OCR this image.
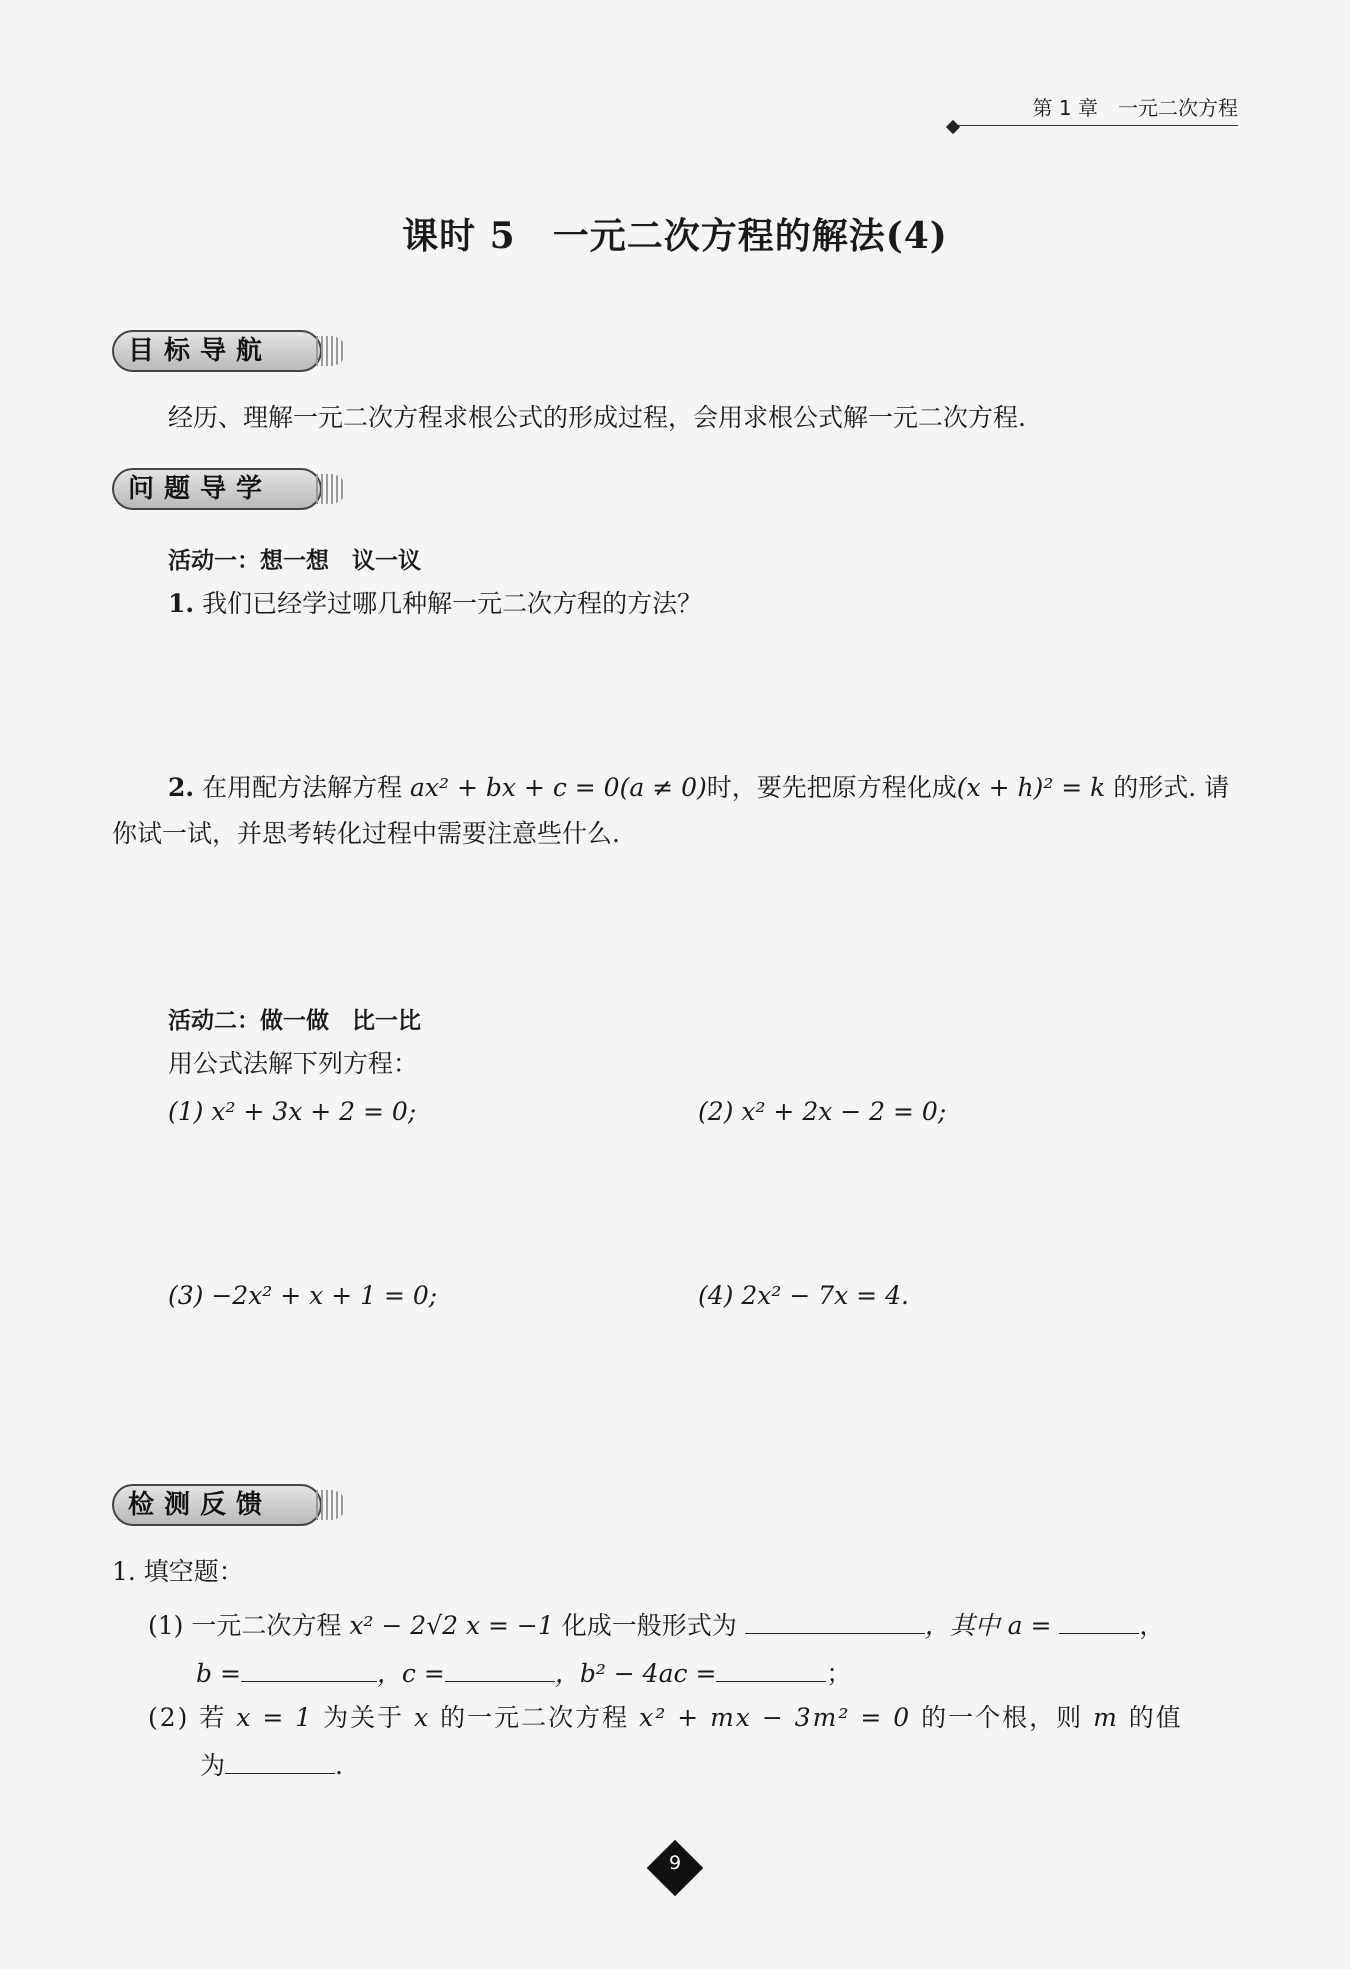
第 1 章　一元二次方程
课时 5　一元二次方程的解法(4)
目标导航
经历、理解一元二次方程求根公式的形成过程，会用求根公式解一元二次方程.
问题导学
活动一：想一想　议一议
1. 我们已经学过哪几种解一元二次方程的方法？
2. 在用配方法解方程 ax² + bx + c = 0(a ≠ 0)时，要先把原方程化成(x + h)² = k 的形式. 请
你试一试，并思考转化过程中需要注意些什么.
活动二：做一做　比一比
用公式法解下列方程：
(1) x² + 3x + 2 = 0;	(2) x² + 2x − 2 = 0;
(3) −2x² + x + 1 = 0;	(4) 2x² − 7x = 4.
检测反馈
1. 填空题：
(1) 一元二次方程 x² − 2√2 x = −1 化成一般形式为	，其中 a =	，
b =	，c =	，b² − 4ac =	；
(2) 若 x = 1 为关于 x 的一元二次方程 x² + mx − 3m² = 0 的一个根，则 m 的值
为	.
9
